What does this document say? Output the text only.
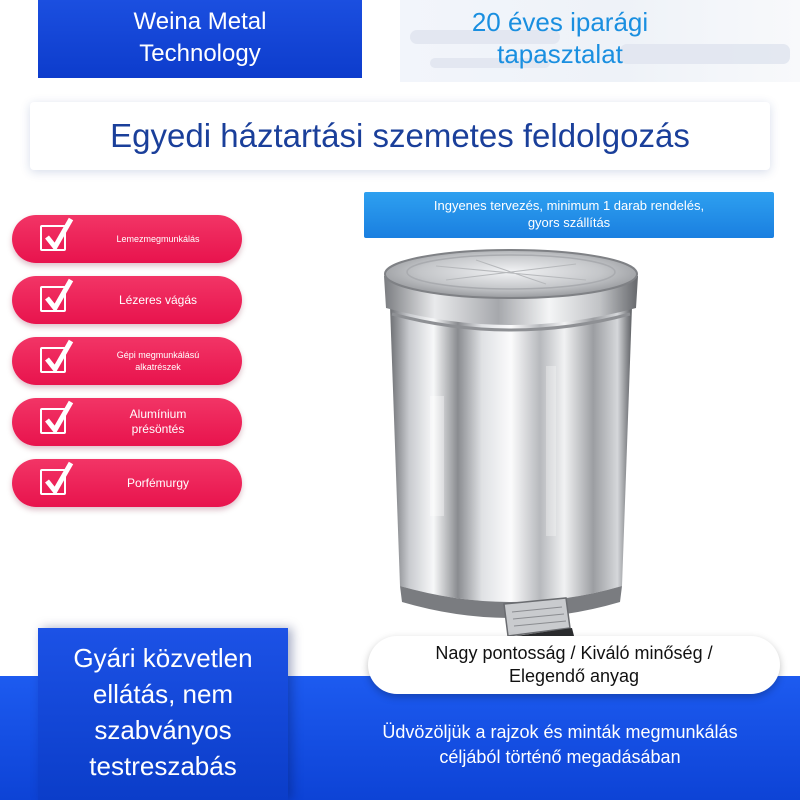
Weina Metal
Technology
20 éves iparági
tapasztalat
Egyedi háztartási szemetes feldolgozás
Ingyenes tervezés, minimum 1 darab rendelés,
gyors szállítás
Lemezmegmunkálás
Lézeres vágás
Gépi megmunkálású
alkatrészek
Alumínium
présöntés
Porfémurgy
Gyári közvetlen
ellátás, nem
szabványos
testreszabás
Nagy pontosság / Kiváló minőség /
Elegendő anyag
Üdvözöljük a rajzok és minták megmunkálás
céljából történő megadásában
